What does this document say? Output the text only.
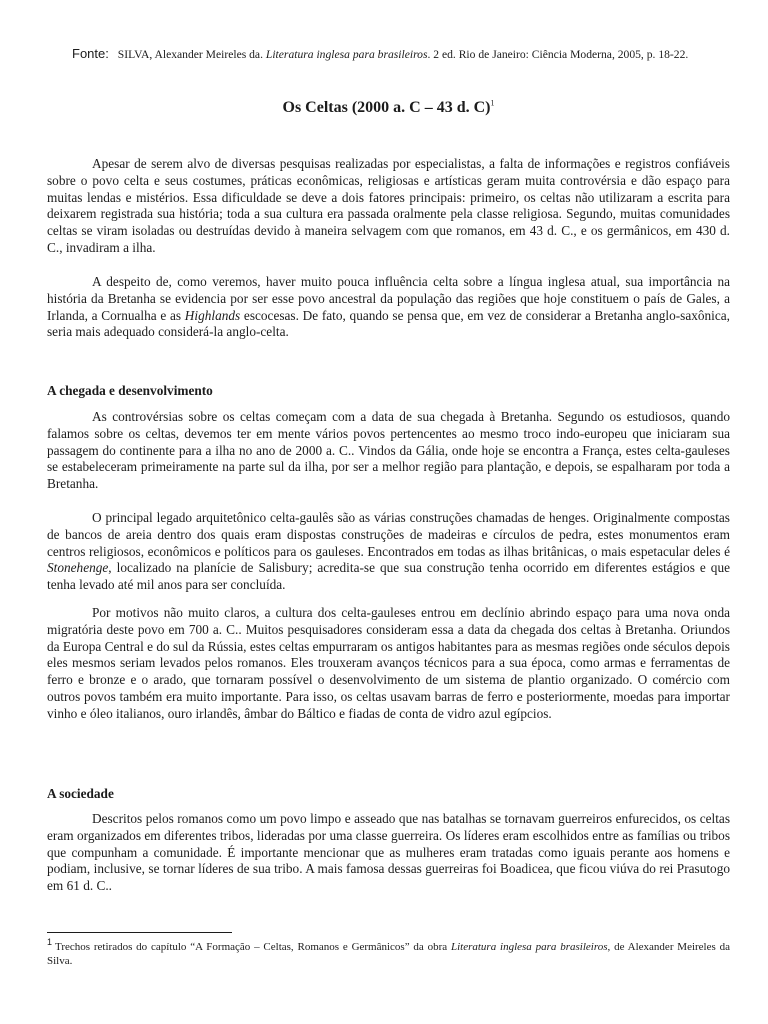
Fonte: SILVA, Alexander Meireles da. Literatura inglesa para brasileiros. 2 ed. Rio de Janeiro: Ciência Moderna, 2005, p. 18-22.
Os Celtas (2000 a. C – 43 d. C)$^1$

Apesar de serem alvo de diversas pesquisas realizadas por especialistas, a falta de informações e registros confiáveis sobre o povo celta e seus costumes, práticas econômicas, religiosas e artísticas geram muita controvérsia e dão espaço para muitas lendas e mistérios. Essa dificuldade se deve a dois fatores principais: primeiro, os celtas não utilizaram a escrita para deixarem registrada sua história; toda a sua cultura era passada oralmente pela classe religiosa. Segundo, muitas comunidades celtas se viram isoladas ou destruídas devido à maneira selvagem com que romanos, em 43 d. C., e os germânicos, em 430 d. C., invadiram a ilha.

A despeito de, como veremos, haver muito pouca influência celta sobre a língua inglesa atual, sua importância na história da Bretanha se evidencia por ser esse povo ancestral da população das regiões que hoje constituem o país de Gales, a Irlanda, a Cornualha e as Highlands escocesas. De fato, quando se pensa que, em vez de considerar a Bretanha anglo-saxônica, seria mais adequado considerá-la anglo-celta.

A chegada e desenvolvimento

As controvérsias sobre os celtas começam com a data de sua chegada à Bretanha. Segundo os estudiosos, quando falamos sobre os celtas, devemos ter em mente vários povos pertencentes ao mesmo troco indo-europeu que iniciaram sua passagem do continente para a ilha no ano de 2000 a. C.. Vindos da Gália, onde hoje se encontra a França, estes celta-gauleses se estabeleceram primeiramente na parte sul da ilha, por ser a melhor região para plantação, e depois, se espalharam por toda a Bretanha.

O principal legado arquitetônico celta-gaulês são as várias construções chamadas de henges. Originalmente compostas de bancos de areia dentro dos quais eram dispostas construções de madeiras e círculos de pedra, estes monumentos eram centros religiosos, econômicos e políticos para os gauleses. Encontrados em todas as ilhas britânicas, o mais espetacular deles é Stonehenge, localizado na planície de Salisbury; acredita-se que sua construção tenha ocorrido em diferentes estágios e que tenha levado até mil anos para ser concluída.

Por motivos não muito claros, a cultura dos celta-gauleses entrou em declínio abrindo espaço para uma nova onda migratória deste povo em 700 a. C.. Muitos pesquisadores consideram essa a data da chegada dos celtas à Bretanha. Oriundos da Europa Central e do sul da Rússia, estes celtas empurraram os antigos habitantes para as mesmas regiões onde séculos depois eles mesmos seriam levados pelos romanos. Eles trouxeram avanços técnicos para a sua época, como armas e ferramentas de ferro e bronze e o arado, que tornaram possível o desenvolvimento de um sistema de plantio organizado. O comércio com outros povos também era muito importante. Para isso, os celtas usavam barras de ferro e posteriormente, moedas para importar vinho e óleo italianos, ouro irlandês, âmbar do Báltico e fiadas de conta de vidro azul egípcios.

A sociedade

Descritos pelos romanos como um povo limpo e asseado que nas batalhas se tornavam guerreiros enfurecidos, os celtas eram organizados em diferentes tribos, lideradas por uma classe guerreira. Os líderes eram escolhidos entre as famílias ou tribos que compunham a comunidade. É importante mencionar que as mulheres eram tratadas como iguais perante aos homens e podiam, inclusive, se tornar líderes de sua tribo. A mais famosa dessas guerreiras foi Boadicea, que ficou viúva do rei Prasutogo em 61 d. C..

$^1$ Trechos retirados do capítulo “A Formação – Celtas, Romanos e Germânicos” da obra Literatura inglesa para brasileiros, de Alexander Meireles da Silva.
